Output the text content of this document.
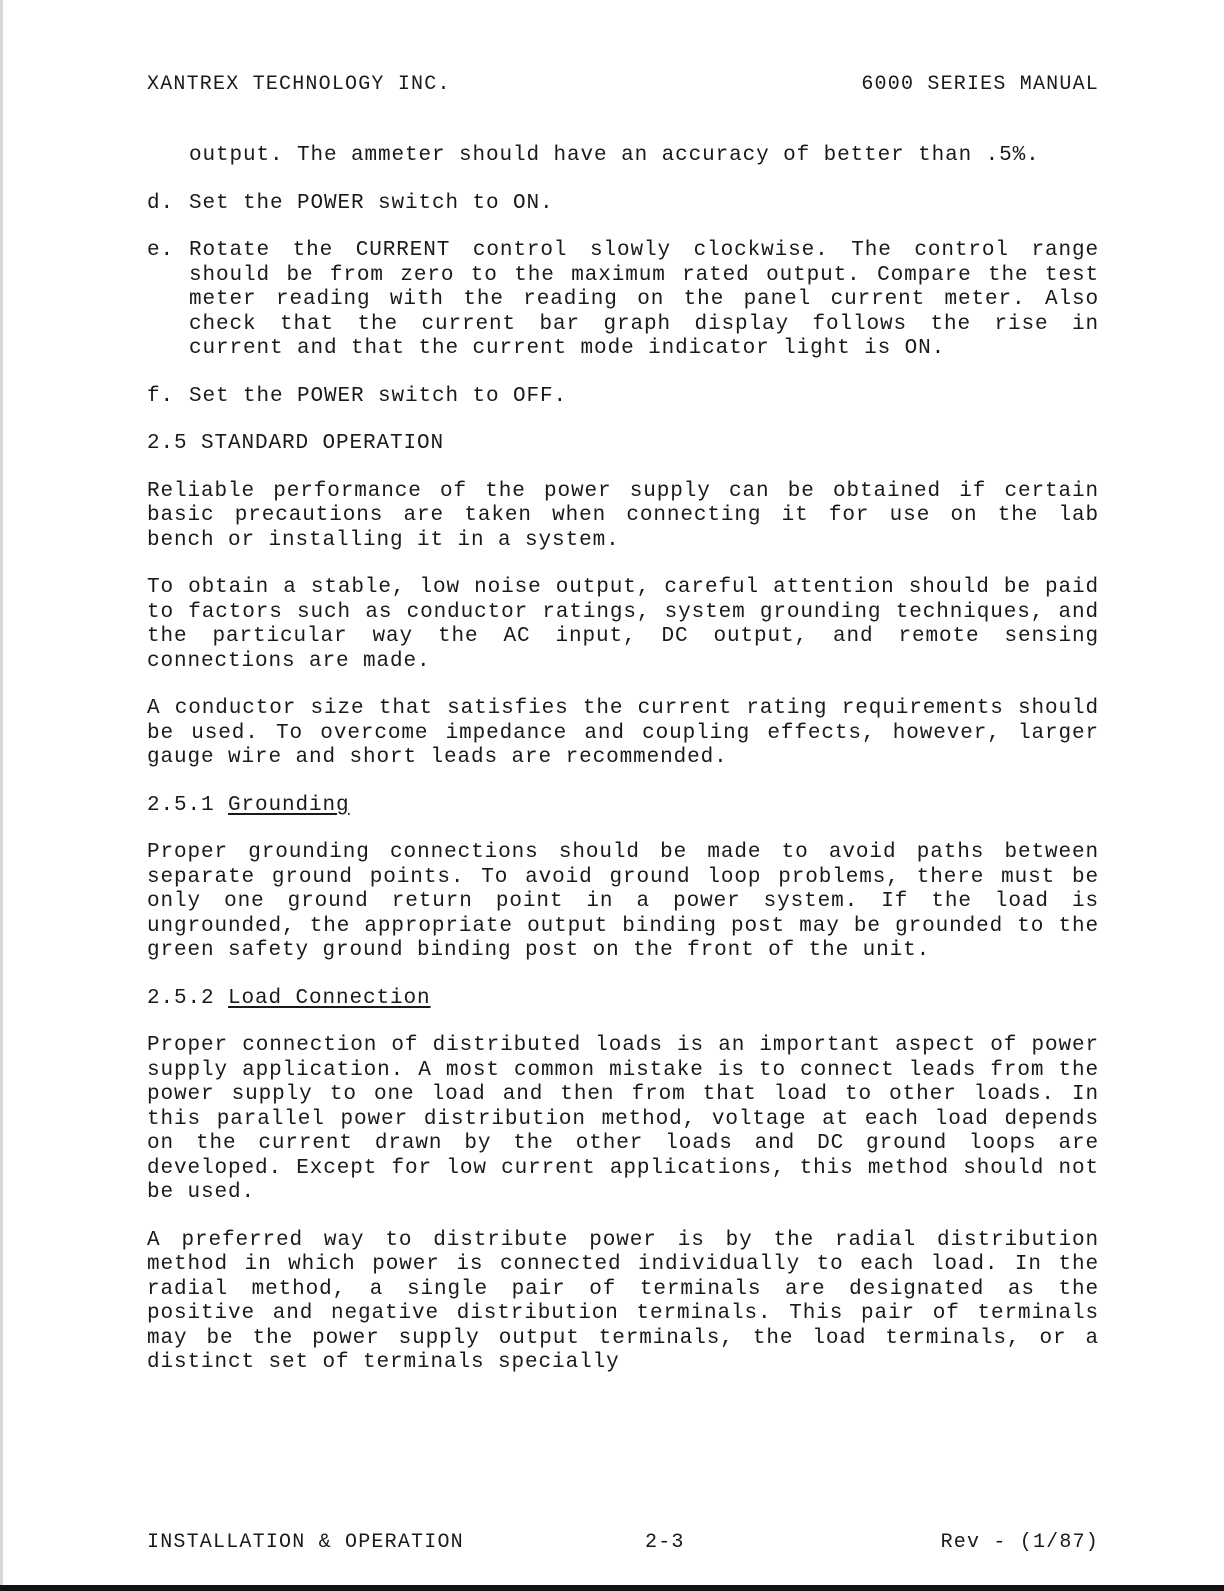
XANTREX TECHNOLOGY INC.	6000 SERIES MANUAL

output. The ammeter should have an accuracy of better than .5%.

d. Set the POWER switch to ON.

e. Rotate the CURRENT control slowly clockwise. The control range should be from zero to the maximum rated output. Compare the test meter reading with the reading on the panel current meter. Also check that the current bar graph display follows the rise in current and that the current mode indicator light is ON.

f. Set the POWER switch to OFF.

2.5 STANDARD OPERATION

Reliable performance of the power supply can be obtained if certain basic precautions are taken when connecting it for use on the lab bench or installing it in a system.

To obtain a stable, low noise output, careful attention should be paid to factors such as conductor ratings, system grounding techniques, and the particular way the AC input, DC output, and remote sensing connections are made.

A conductor size that satisfies the current rating requirements should be used. To overcome impedance and coupling effects, however, larger gauge wire and short leads are recommended.

2.5.1 Grounding

Proper grounding connections should be made to avoid paths between separate ground points. To avoid ground loop problems, there must be only one ground return point in a power system. If the load is ungrounded, the appropriate output binding post may be grounded to the green safety ground binding post on the front of the unit.

2.5.2 Load Connection

Proper connection of distributed loads is an important aspect of power supply application. A most common mistake is to connect leads from the power supply to one load and then from that load to other loads. In this parallel power distribution method, voltage at each load depends on the current drawn by the other loads and DC ground loops are developed. Except for low current applications, this method should not be used.

A preferred way to distribute power is by the radial distribution method in which power is connected individually to each load. In the radial method, a single pair of terminals are designated as the positive and negative distribution terminals. This pair of terminals may be the power supply output terminals, the load terminals, or a distinct set of terminals specially

INSTALLATION & OPERATION	2-3	Rev - (1/87)
